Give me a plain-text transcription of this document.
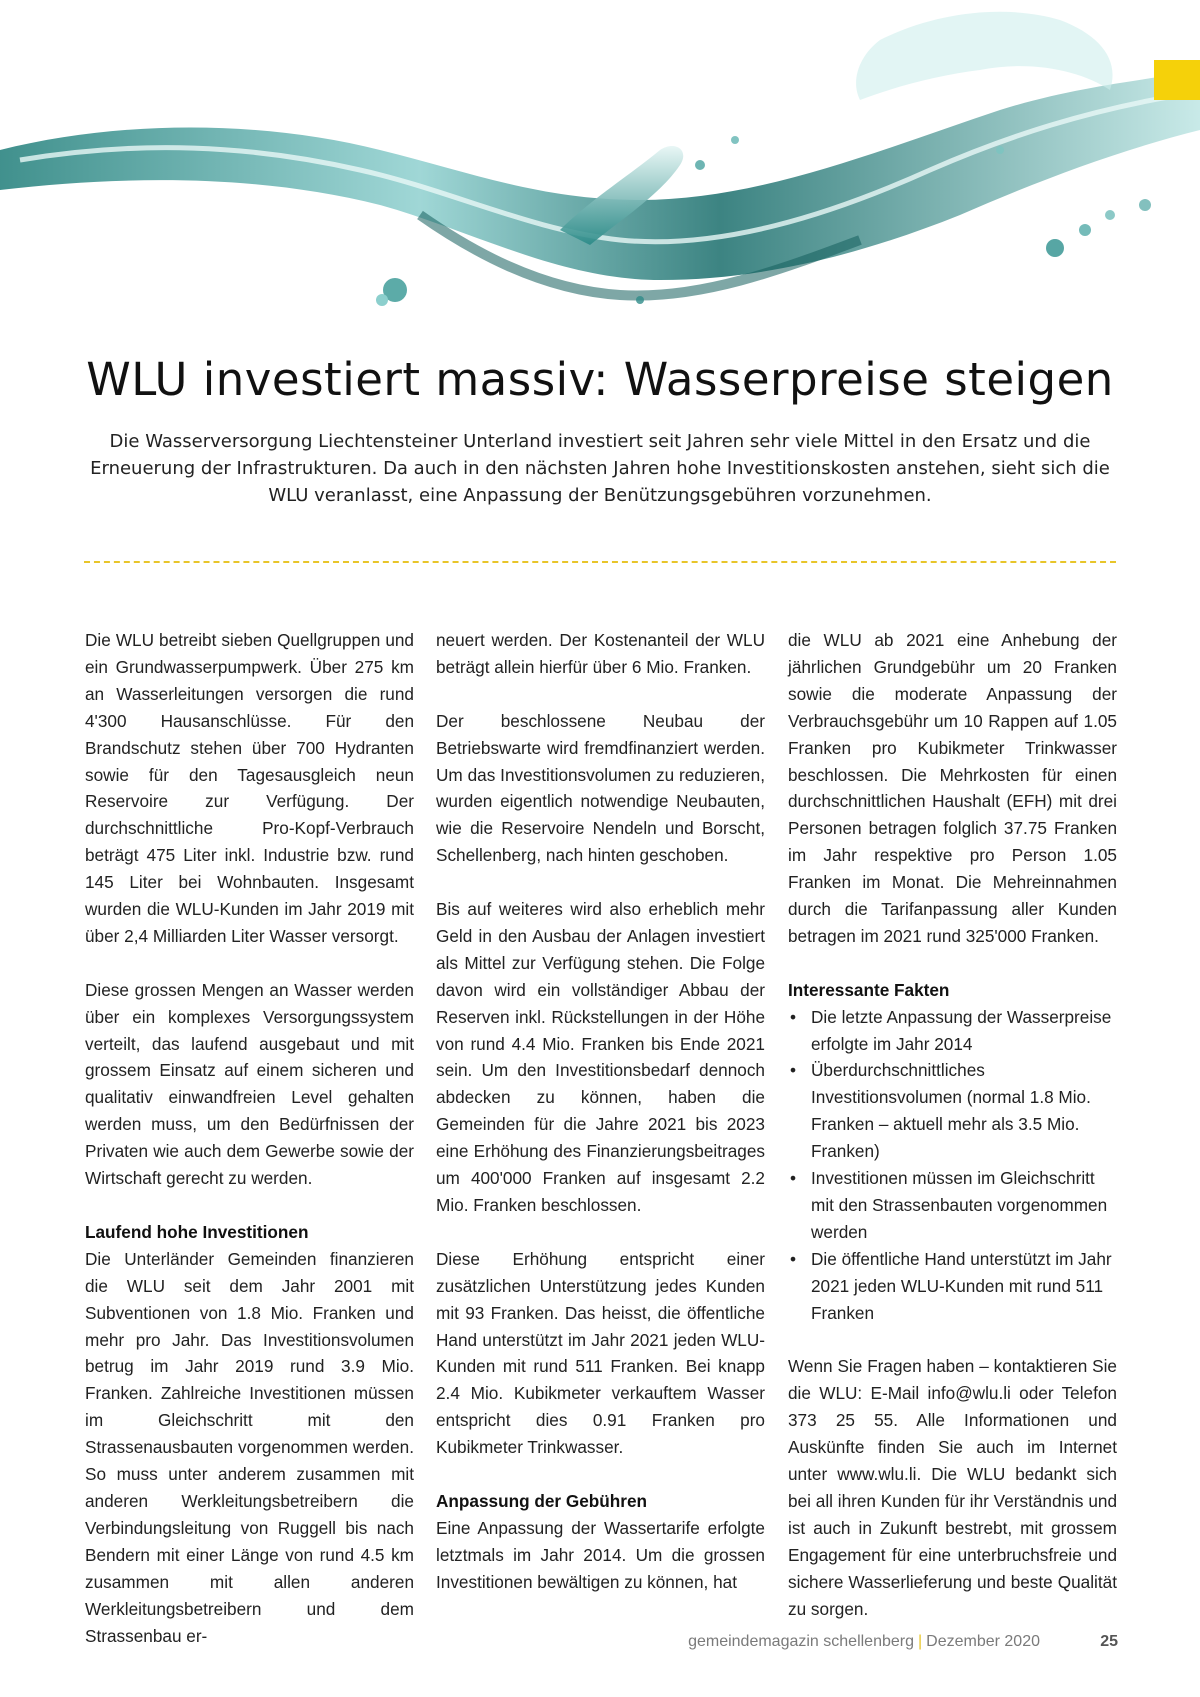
WLU investiert massiv: Wasserpreise steigen

Die Wasserversorgung Liechtensteiner Unterland investiert seit Jahren sehr viele Mittel in den Ersatz und die Erneuerung der Infrastrukturen. Da auch in den nächsten Jahren hohe Investitionskosten anstehen, sieht sich die WLU veranlasst, eine Anpassung der Benützungsgebühren vorzunehmen.

Die WLU betreibt sieben Quellgruppen und ein Grundwasserpumpwerk. Über 275 km an Wasserleitungen versorgen die rund 4'300 Hausanschlüsse. Für den Brandschutz stehen über 700 Hydranten sowie für den Tagesausgleich neun Reservoire zur Verfügung. Der durchschnittliche Pro-Kopf-Verbrauch beträgt 475 Liter inkl. Industrie bzw. rund 145 Liter bei Wohnbauten. Insgesamt wurden die WLU-Kunden im Jahr 2019 mit über 2,4 Milliarden Liter Wasser versorgt.

Diese grossen Mengen an Wasser werden über ein komplexes Versorgungssystem verteilt, das laufend ausgebaut und mit grossem Einsatz auf einem sicheren und qualitativ einwandfreien Level gehalten werden muss, um den Bedürfnissen der Privaten wie auch dem Gewerbe sowie der Wirtschaft gerecht zu werden.

Laufend hohe Investitionen

Die Unterländer Gemeinden finanzieren die WLU seit dem Jahr 2001 mit Subventionen von 1.8 Mio. Franken und mehr pro Jahr. Das Investitionsvolumen betrug im Jahr 2019 rund 3.9 Mio. Franken. Zahlreiche Investitionen müssen im Gleichschritt mit den Strassenausbauten vorgenommen werden. So muss unter anderem zusammen mit anderen Werkleitungsbetreibern die Verbindungsleitung von Ruggell bis nach Bendern mit einer Länge von rund 4.5 km zusammen mit allen anderen Werkleitungsbetreibern und dem Strassenbau er-

neuert werden. Der Kostenanteil der WLU beträgt allein hierfür über 6 Mio. Franken.

Der beschlossene Neubau der Betriebswarte wird fremdfinanziert werden. Um das Investitionsvolumen zu reduzieren, wurden eigentlich notwendige Neubauten, wie die Reservoire Nendeln und Borscht, Schellenberg, nach hinten geschoben.

Bis auf weiteres wird also erheblich mehr Geld in den Ausbau der Anlagen investiert als Mittel zur Verfügung stehen. Die Folge davon wird ein vollständiger Abbau der Reserven inkl. Rückstellungen in der Höhe von rund 4.4 Mio. Franken bis Ende 2021 sein. Um den Investitionsbedarf dennoch abdecken zu können, haben die Gemeinden für die Jahre 2021 bis 2023 eine Erhöhung des Finanzierungsbeitrages um 400'000 Franken auf insgesamt 2.2 Mio. Franken beschlossen.

Diese Erhöhung entspricht einer zusätzlichen Unterstützung jedes Kunden mit 93 Franken. Das heisst, die öffentliche Hand unterstützt im Jahr 2021 jeden WLU-Kunden mit rund 511 Franken. Bei knapp 2.4 Mio. Kubikmeter verkauftem Wasser entspricht dies 0.91 Franken pro Kubikmeter Trinkwasser.

Anpassung der Gebühren

Eine Anpassung der Wassertarife erfolgte letztmals im Jahr 2014. Um die grossen Investitionen bewältigen zu können, hat

die WLU ab 2021 eine Anhebung der jährlichen Grundgebühr um 20 Franken sowie die moderate Anpassung der Verbrauchsgebühr um 10 Rappen auf 1.05 Franken pro Kubikmeter Trinkwasser beschlossen. Die Mehrkosten für einen durchschnittlichen Haushalt (EFH) mit drei Personen betragen folglich 37.75 Franken im Jahr respektive pro Person 1.05 Franken im Monat. Die Mehreinnahmen durch die Tarifanpassung aller Kunden betragen im 2021 rund 325'000 Franken.

Interessante Fakten
• Die letzte Anpassung der Wasserpreise erfolgte im Jahr 2014
• Überdurchschnittliches Investitionsvolumen (normal 1.8 Mio. Franken – aktuell mehr als 3.5 Mio. Franken)
• Investitionen müssen im Gleichschritt mit den Strassenbauten vorgenommen werden
• Die öffentliche Hand unterstützt im Jahr 2021 jeden WLU-Kunden mit rund 511 Franken

Wenn Sie Fragen haben – kontaktieren Sie die WLU: E-Mail info@wlu.li oder Telefon 373 25 55. Alle Informationen und Auskünfte finden Sie auch im Internet unter www.wlu.li. Die WLU bedankt sich bei all ihren Kunden für ihr Verständnis und ist auch in Zukunft bestrebt, mit grossem Engagement für eine unterbruchsfreie und sichere Wasserlieferung und beste Qualität zu sorgen.

gemeindemagazin schellenberg | Dezember 2020	25
